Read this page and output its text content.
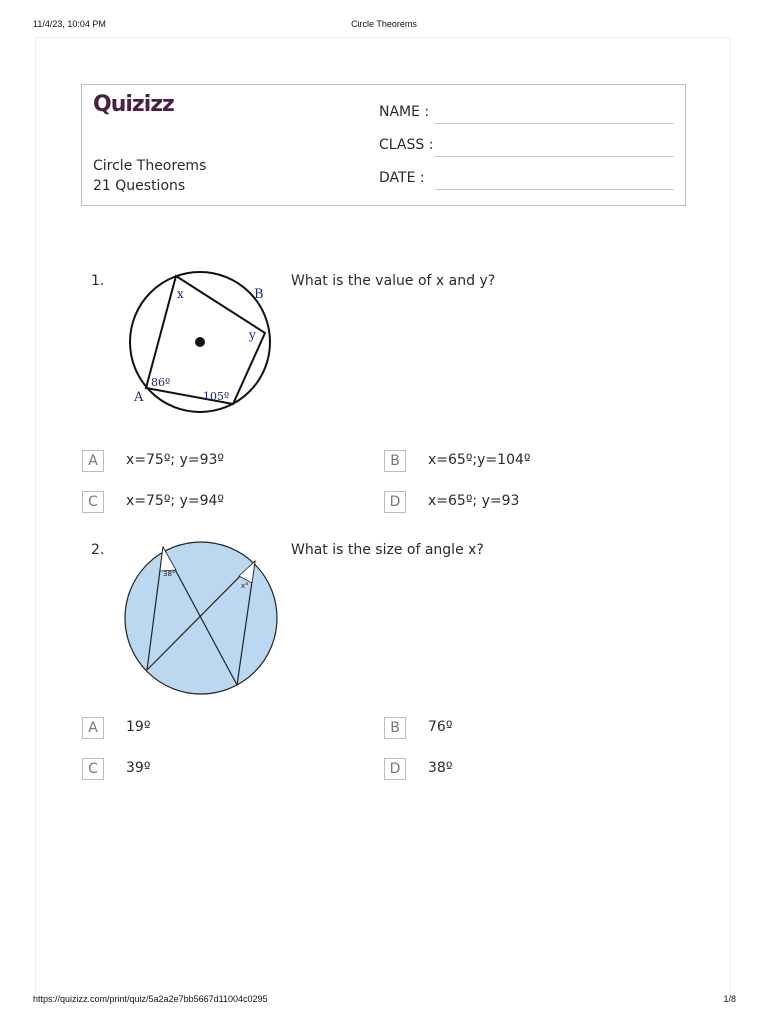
11/4/23, 10:04 PM	Circle Theorems
Quizizz
Circle Theorems
21 Questions
NAME :
CLASS :
DATE :
1.	What is the value of x and y?
x	B
y
86º
105º
A
A	x=75º; y=93º	B	x=65º;y=104º
C	x=75º; y=94º	D	x=65º; y=93
2.	What is the size of angle x?
38°
x°
A	19º	B	76º
C	39º	D	38º
https://quizizz.com/print/quiz/5a2a2e7bb5667d11004c0295	1/8
